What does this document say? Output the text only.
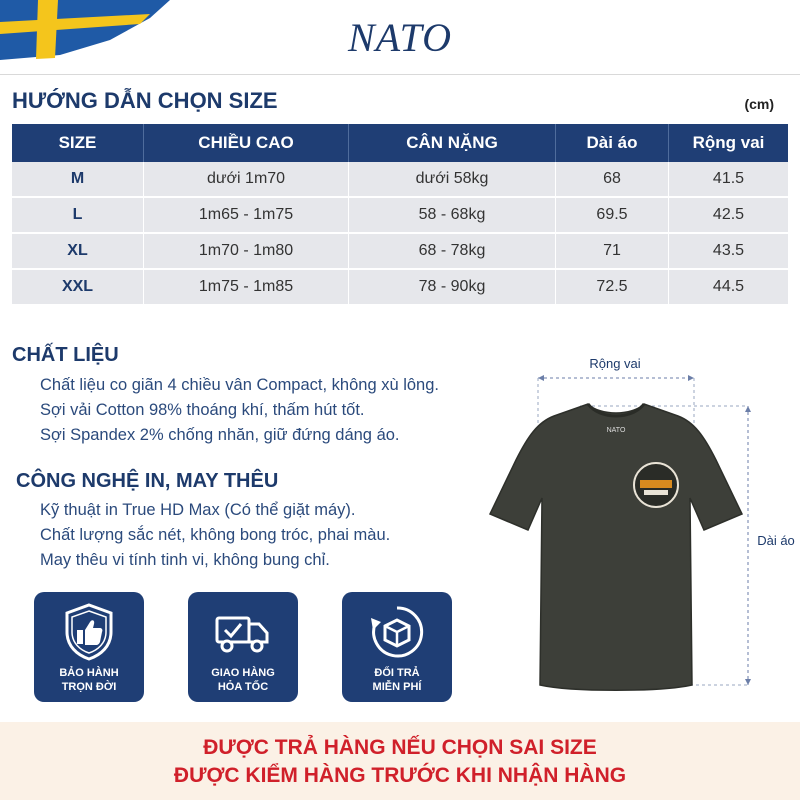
NATO
HƯỚNG DẪN CHỌN SIZE	(cm)
SIZE	CHIỀU CAO	CÂN NẶNG	Dài áo	Rộng vai
M	dưới 1m70	dưới 58kg	68	41.5
L	1m65 - 1m75	58 - 68kg	69.5	42.5
XL	1m70 - 1m80	68 - 78kg	71	43.5
XXL	1m75 - 1m85	78 - 90kg	72.5	44.5
CHẤT LIỆU
Chất liệu co giãn 4 chiều vân Compact, không xù lông.
Sợi vải Cotton 98% thoáng khí, thấm hút tốt.
Sợi Spandex 2% chống nhăn, giữ đứng dáng áo.
CÔNG NGHỆ IN, MAY THÊU
Kỹ thuật in True HD Max (Có thể giặt máy).
Chất lượng sắc nét, không bong tróc, phai màu.
May thêu vi tính tinh vi, không bung chỉ.
BẢO HÀNH
TRỌN ĐỜI
GIAO HÀNG
HỎA TỐC
ĐỔI TRẢ
MIỄN PHÍ
Rộng vai
Dài áo
NATO
ĐƯỢC TRẢ HÀNG NẾU CHỌN SAI SIZE
ĐƯỢC KIỂM HÀNG TRƯỚC KHI NHẬN HÀNG
